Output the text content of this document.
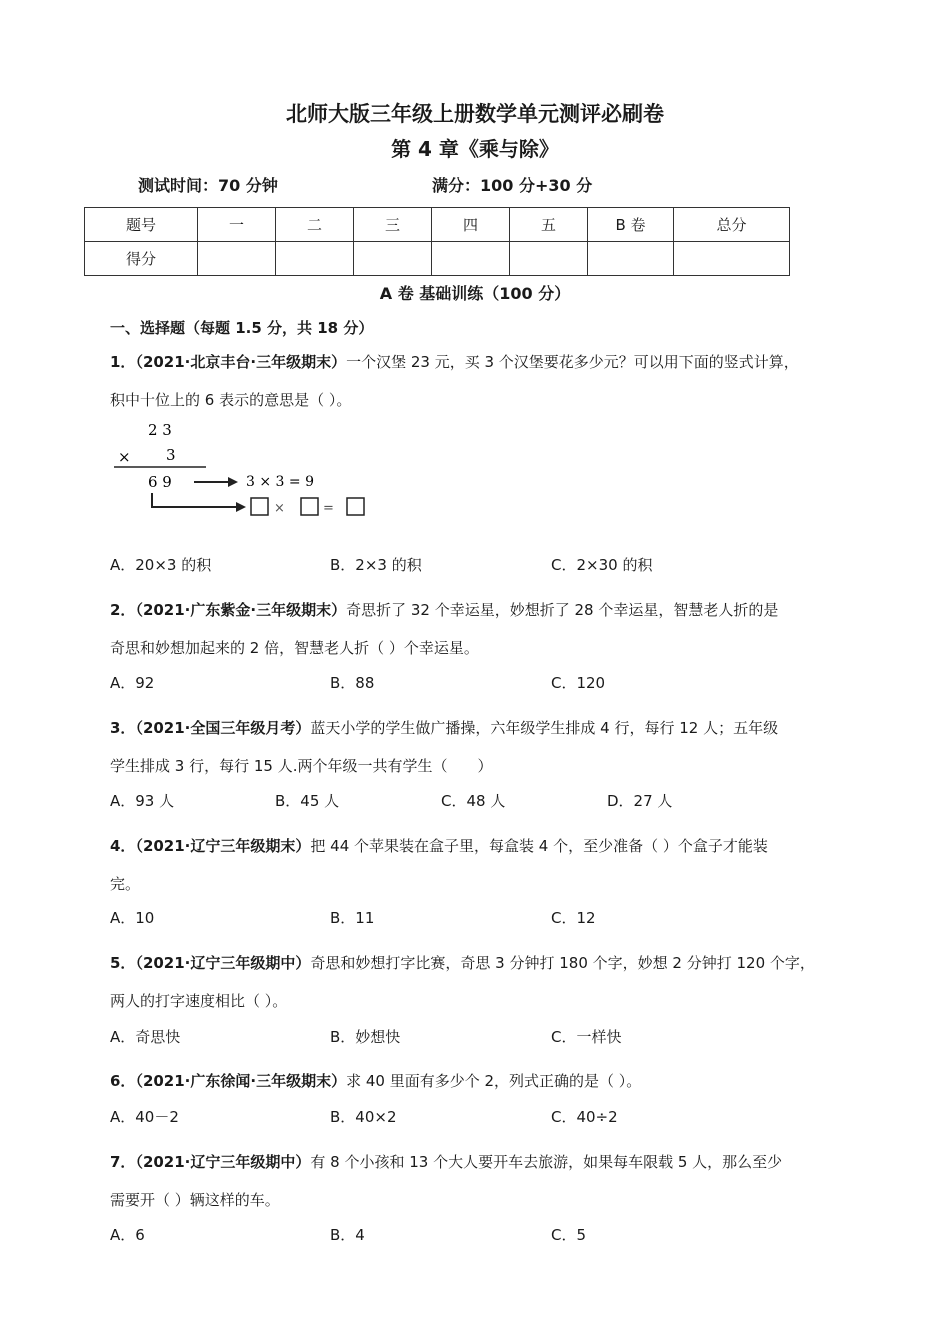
北师大版三年级上册数学单元测评必刷卷
第 4 章《乘与除》
测试时间：70 分钟	满分：100 分+30 分
题号	一	二	三	四	五	B 卷	总分
得分							
A 卷 基础训练（100 分）
一、选择题（每题 1.5 分，共 18 分）
1．（2021·北京丰台·三年级期末）一个汉堡 23 元，买 3 个汉堡要花多少元？可以用下面的竖式计算，
积中十位上的 6 表示的意思是（ ）。
2 3
× 3
6 9	3 × 3 = 9
×	=
A．20×3 的积	B．2×3 的积	C．2×30 的积
2．（2021·广东紫金·三年级期末）奇思折了 32 个幸运星，妙想折了 28 个幸运星，智慧老人折的是
奇思和妙想加起来的 2 倍，智慧老人折（ ）个幸运星。
A．92	B．88	C．120
3．（2021·全国三年级月考）蓝天小学的学生做广播操，六年级学生排成 4 行，每行 12 人；五年级
学生排成 3 行，每行 15 人.两个年级一共有学生（　　）
A．93 人	B．45 人	C．48 人	D．27 人
4．（2021·辽宁三年级期末）把 44 个苹果装在盒子里，每盒装 4 个，至少准备（ ）个盒子才能装
完。
A．10	B．11	C．12
5．（2021·辽宁三年级期中）奇思和妙想打字比赛，奇思 3 分钟打 180 个字，妙想 2 分钟打 120 个字，
两人的打字速度相比（ ）。
A．奇思快	B．妙想快	C．一样快
6．（2021·广东徐闻·三年级期末）求 40 里面有多少个 2，列式正确的是（ ）。
A．40－2	B．40×2	C．40÷2
7．（2021·辽宁三年级期中）有 8 个小孩和 13 个大人要开车去旅游，如果每车限载 5 人，那么至少
需要开（ ）辆这样的车。
A．6	B．4	C．5
